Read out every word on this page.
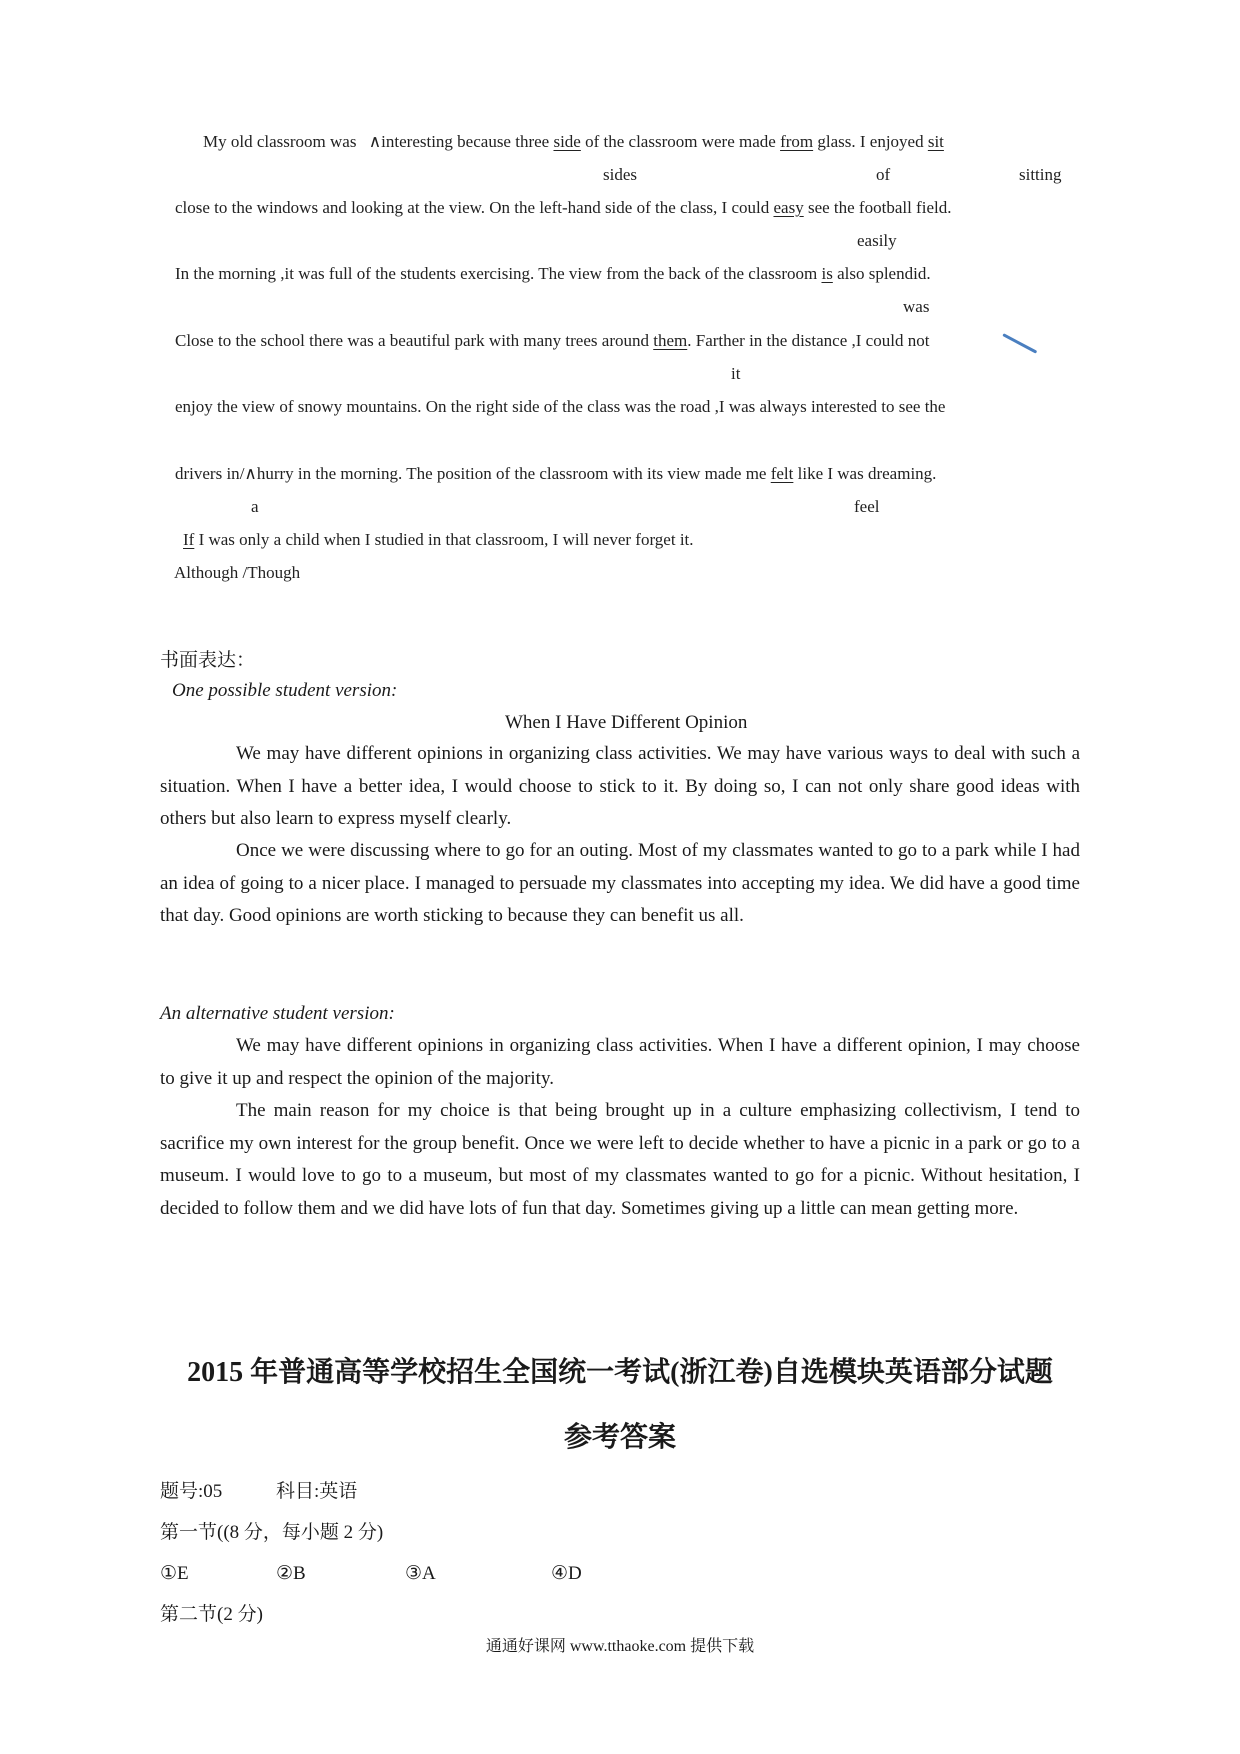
My old classroom was ∧interesting because three side of the classroom were made from glass. I enjoyed sit
sides	of	sitting
close to the windows and looking at the view. On the left-hand side of the class, I could easy see the football field.
easily
In the morning ,it was full of the students exercising. The view from the back of the classroom is also splendid.
was
Close to the school there was a beautiful park with many trees around them. Farther in the distance ,I could not
it
enjoy the view of snowy mountains. On the right side of the class was the road ,I was always interested to see the
drivers in/∧hurry in the morning. The position of the classroom with its view made me felt like I was dreaming.
a	feel
If I was only a child when I studied in that classroom, I will never forget it.
Although /Though
书面表达：
One possible student version:
When I Have Different Opinion
We may have different opinions in organizing class activities. We may have various ways to deal with such a situation. When I have a better idea, I would choose to stick to it. By doing so, I can not only share good ideas with others but also learn to express myself clearly.
Once we were discussing where to go for an outing. Most of my classmates wanted to go to a park while I had an idea of going to a nicer place. I managed to persuade my classmates into accepting my idea. We did have a good time that day. Good opinions are worth sticking to because they can benefit us all.
An alternative student version:
We may have different opinions in organizing class activities. When I have a different opinion, I may choose to give it up and respect the opinion of the majority.
The main reason for my choice is that being brought up in a culture emphasizing collectivism, I tend to sacrifice my own interest for the group benefit. Once we were left to decide whether to have a picnic in a park or go to a museum. I would love to go to a museum, but most of my classmates wanted to go for a picnic. Without hesitation, I decided to follow them and we did have lots of fun that day. Sometimes giving up a little can mean getting more.
2015 年普通高等学校招生全国统一考试(浙江卷)自选模块英语部分试题
参考答案
题号:05	科目:英语
第一节((8 分，每小题 2 分)
①E	②B	③A	④D
第二节(2 分)
通通好课网 www.tthaoke.com 提供下载
